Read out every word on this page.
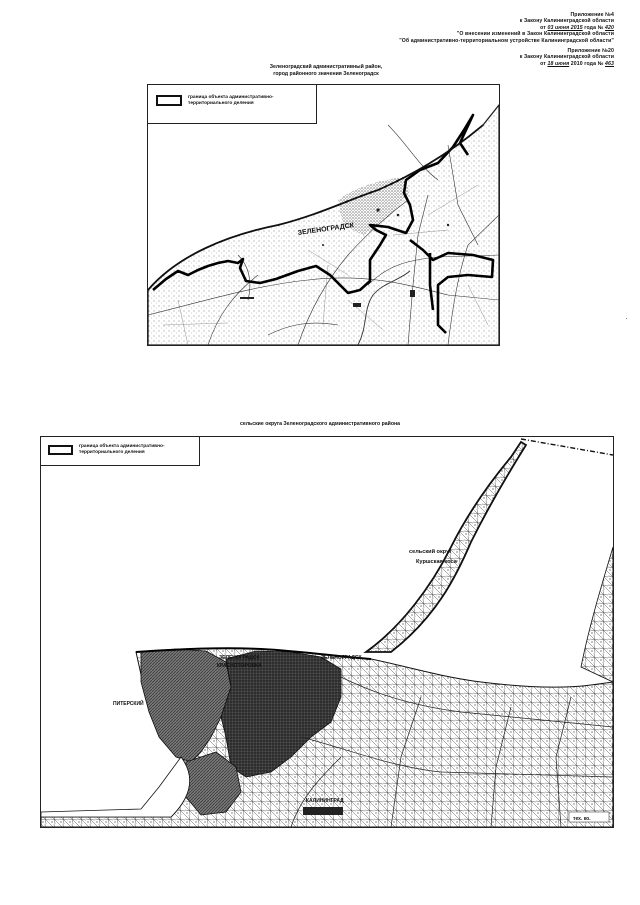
Приложение №4
к Закону Калининградской области
от 03 июня 2015 года № 420
"О внесении изменений в Закон Калининградской области
"Об административно-территориальном устройстве Калининградской области"
Приложение №20
к Закону Калининградской области
от 18 июня 2010 года № 463
Зеленоградский административный район,
город районного значения Зеленоградск
ЗЕЛЕНОГРАДСК
граница объекта административно-
территориального деления
сельские округа Зеленоградского административного района
сельский округ
Куршская коса
ЗЕЛЕНОГРАДСК	ЗЕЛЕНОГРАДСК
ПИТЕРСКИЙ
КАЛИНИНГРАД
КРАСНОТОРОВКА
тех. ко.
граница объекта административно-
территориального деления
